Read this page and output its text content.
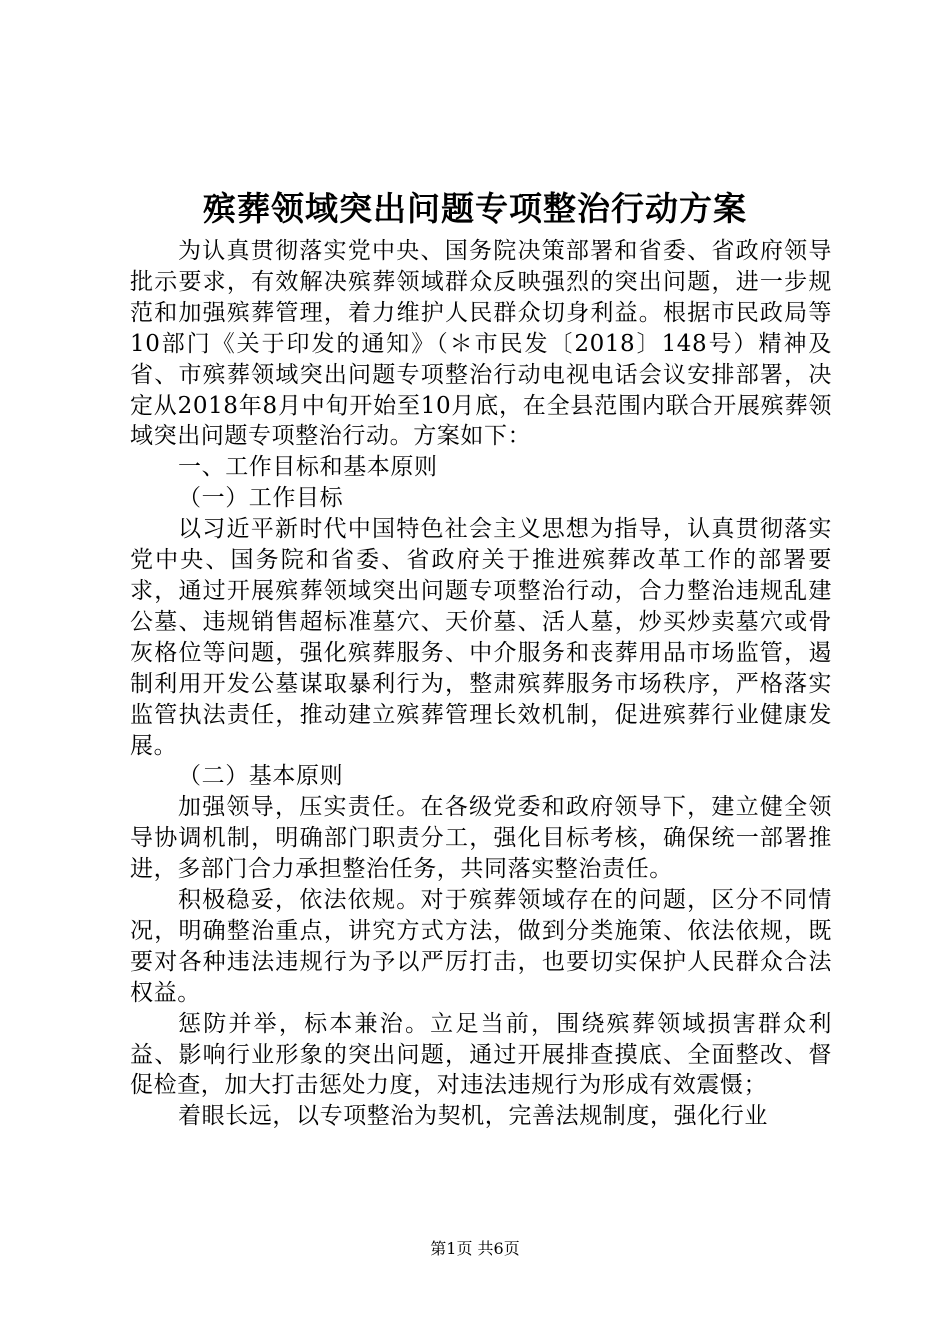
殡葬领域突出问题专项整治行动方案

为认真贯彻落实党中央、国务院决策部署和省委、省政府领导批示要求，有效解决殡葬领域群众反映强烈的突出问题，进一步规范和加强殡葬管理，着力维护人民群众切身利益。根据市民政局等10部门《关于印发的通知》（＊市民发〔2018〕148号）精神及省、市殡葬领域突出问题专项整治行动电视电话会议安排部署，决定从2018年8月中旬开始至10月底，在全县范围内联合开展殡葬领域突出问题专项整治行动。方案如下：

一、工作目标和基本原则

（一）工作目标

以习近平新时代中国特色社会主义思想为指导，认真贯彻落实党中央、国务院和省委、省政府关于推进殡葬改革工作的部署要求，通过开展殡葬领域突出问题专项整治行动，合力整治违规乱建公墓、违规销售超标准墓穴、天价墓、活人墓，炒买炒卖墓穴或骨灰格位等问题，强化殡葬服务、中介服务和丧葬用品市场监管，遏制利用开发公墓谋取暴利行为，整肃殡葬服务市场秩序，严格落实监管执法责任，推动建立殡葬管理长效机制，促进殡葬行业健康发展。

（二）基本原则

加强领导，压实责任。在各级党委和政府领导下，建立健全领导协调机制，明确部门职责分工，强化目标考核，确保统一部署推进，多部门合力承担整治任务，共同落实整治责任。

积极稳妥，依法依规。对于殡葬领域存在的问题，区分不同情况，明确整治重点，讲究方式方法，做到分类施策、依法依规，既要对各种违法违规行为予以严厉打击，也要切实保护人民群众合法权益。

惩防并举，标本兼治。立足当前，围绕殡葬领域损害群众利益、影响行业形象的突出问题，通过开展排查摸底、全面整改、督促检查，加大打击惩处力度，对违法违规行为形成有效震慑；

着眼长远，以专项整治为契机，完善法规制度，强化行业

第1页 共6页
